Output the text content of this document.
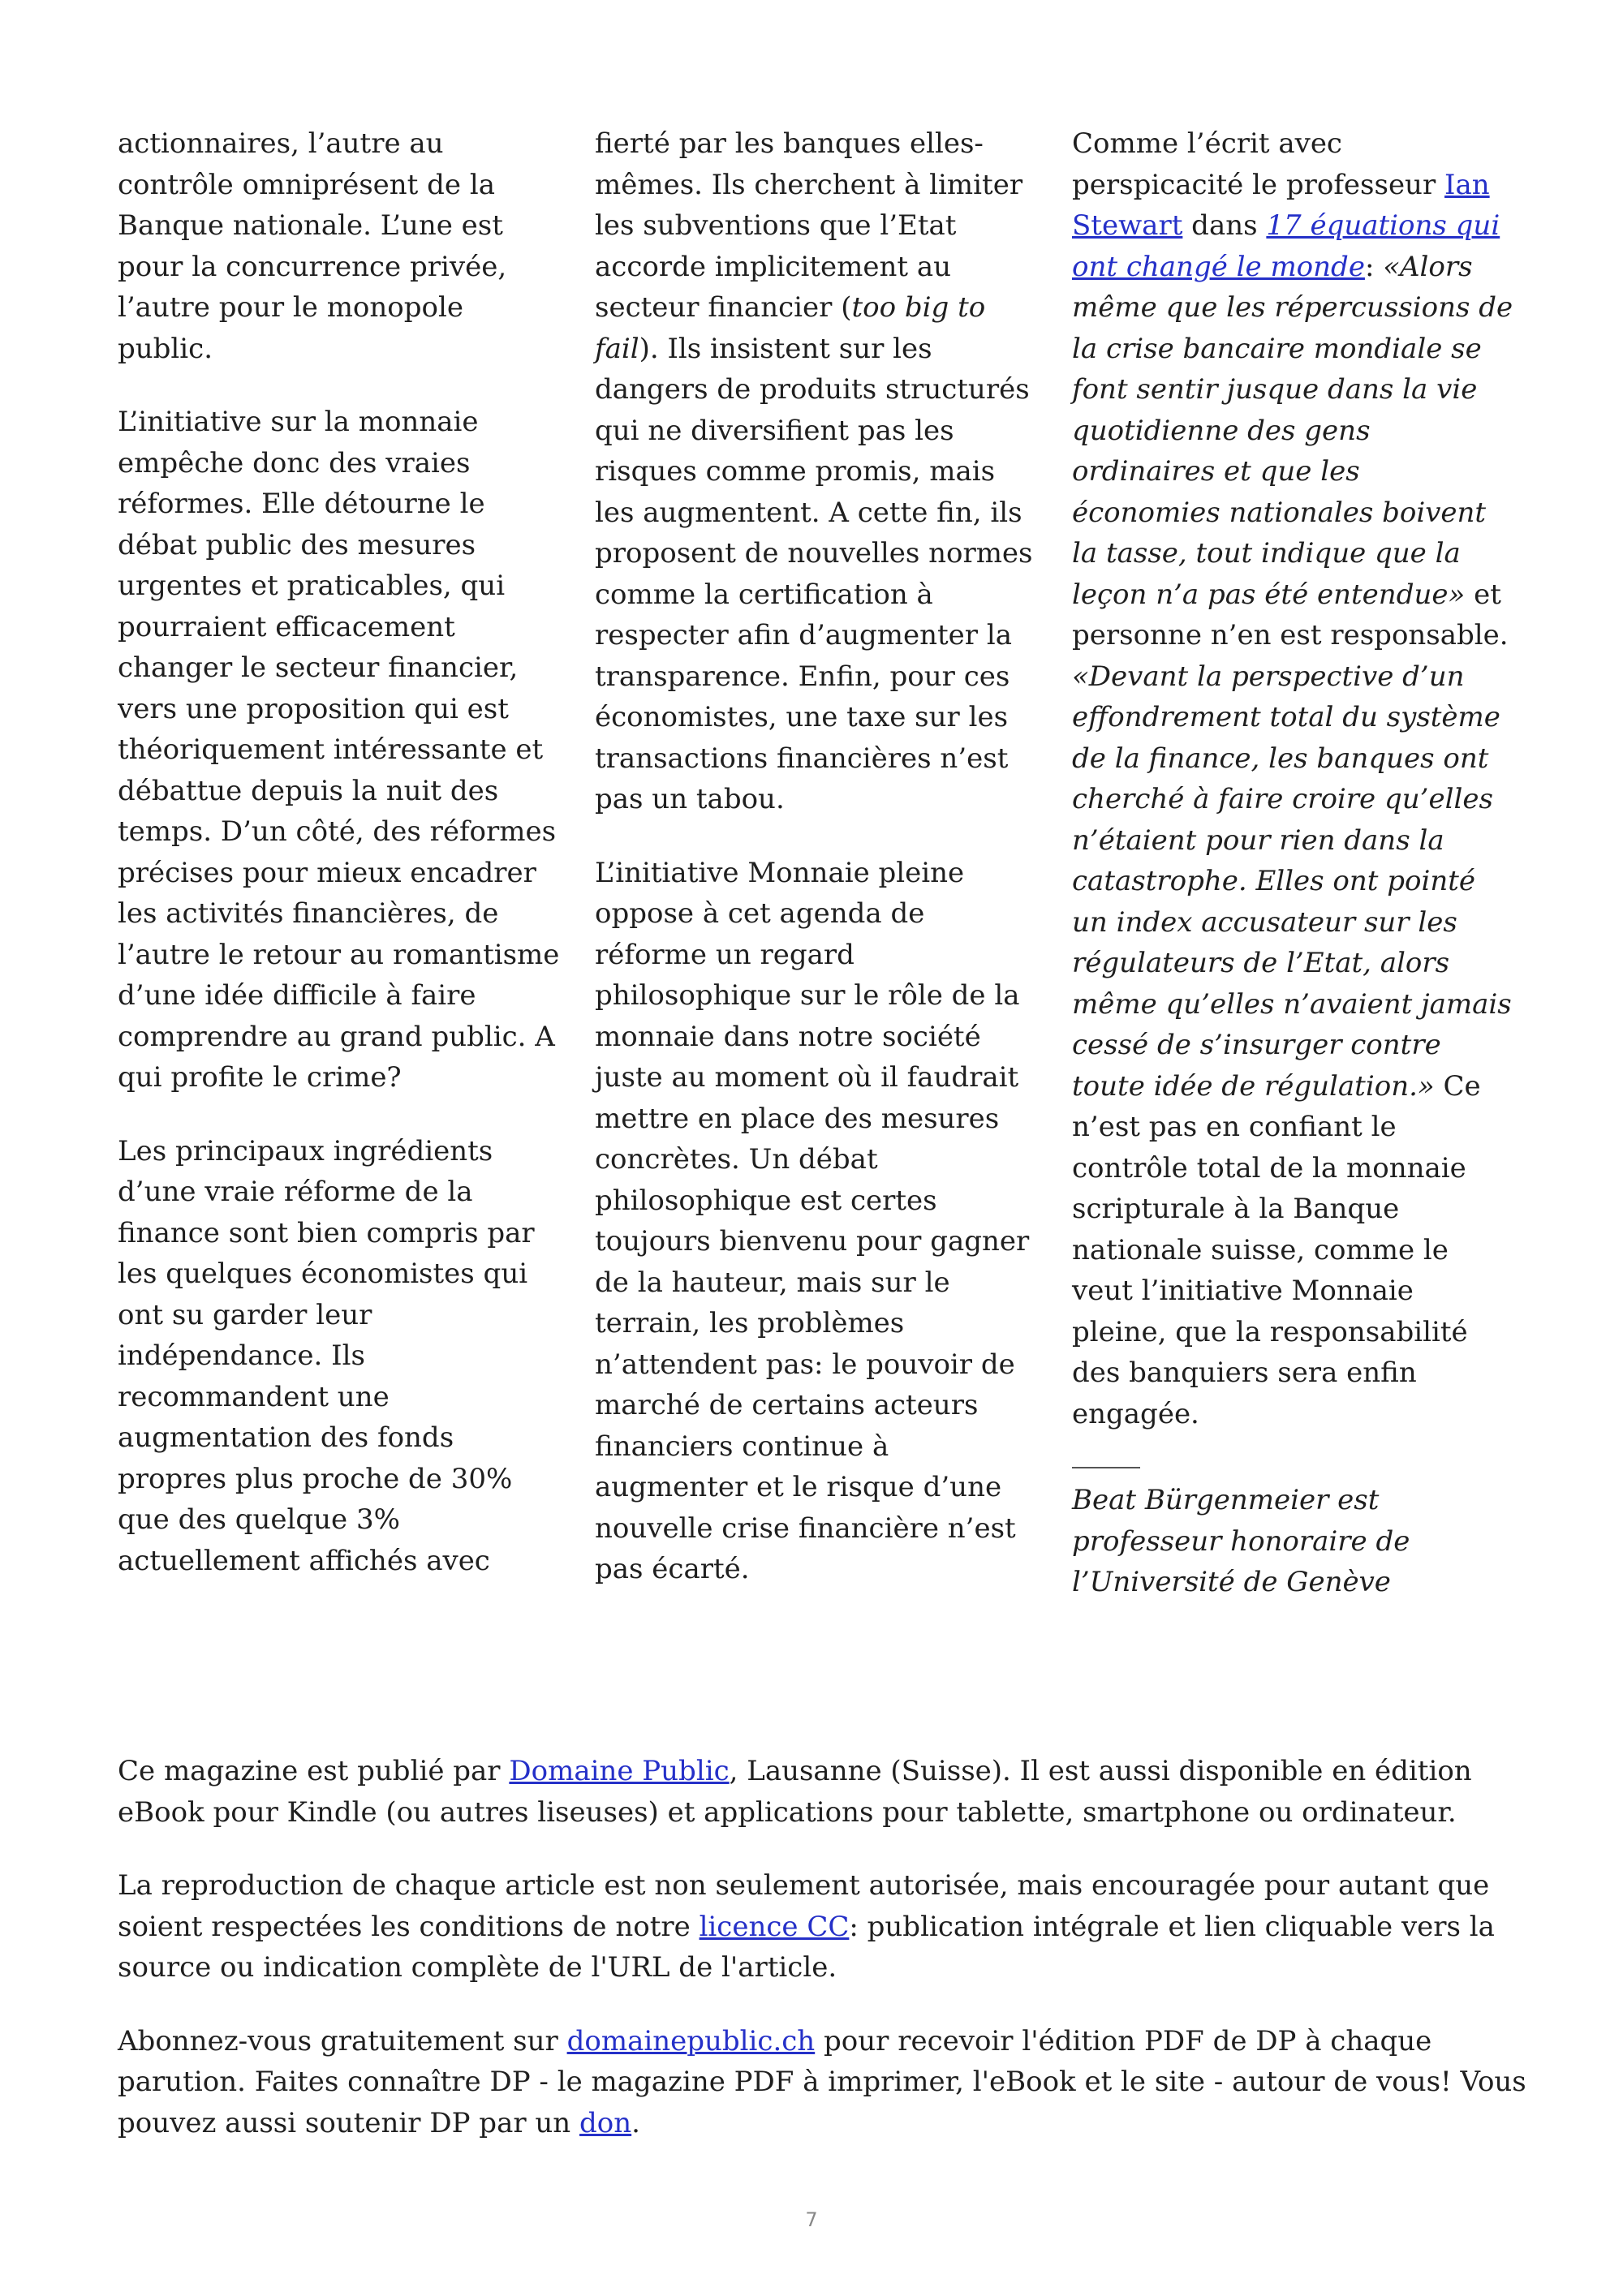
actionnaires, l’autre au contrôle omniprésent de la Banque nationale. L’une est pour la concurrence privée, l’autre pour le monopole public.

L’initiative sur la monnaie empêche donc des vraies réformes. Elle détourne le débat public des mesures urgentes et praticables, qui pourraient efficacement changer le secteur financier, vers une proposition qui est théoriquement intéressante et débattue depuis la nuit des temps. D’un côté, des réformes précises pour mieux encadrer les activités financières, de l’autre le retour au romantisme d’une idée difficile à faire comprendre au grand public. A qui profite le crime?

Les principaux ingrédients d’une vraie réforme de la finance sont bien compris par les quelques économistes qui ont su garder leur indépendance. Ils recommandent une augmentation des fonds propres plus proche de 30% que des quelque 3% actuellement affichés avec

fierté par les banques elles-mêmes. Ils cherchent à limiter les subventions que l’Etat accorde implicitement au secteur financier (too big to fail). Ils insistent sur les dangers de produits structurés qui ne diversifient pas les risques comme promis, mais les augmentent. A cette fin, ils proposent de nouvelles normes comme la certification à respecter afin d’augmenter la transparence. Enfin, pour ces économistes, une taxe sur les transactions financières n’est pas un tabou.

L’initiative Monnaie pleine oppose à cet agenda de réforme un regard philosophique sur le rôle de la monnaie dans notre société juste au moment où il faudrait mettre en place des mesures concrètes. Un débat philosophique est certes toujours bienvenu pour gagner de la hauteur, mais sur le terrain, les problèmes n’attendent pas: le pouvoir de marché de certains acteurs financiers continue à augmenter et le risque d’une nouvelle crise financière n’est pas écarté.

Comme l’écrit avec perspicacité le professeur Ian Stewart dans 17 équations qui ont changé le monde: «Alors même que les répercussions de la crise bancaire mondiale se font sentir jusque dans la vie quotidienne des gens ordinaires et que les économies nationales boivent la tasse, tout indique que la leçon n’a pas été entendue» et personne n’en est responsable. «Devant la perspective d’un effondrement total du système de la finance, les banques ont cherché à faire croire qu’elles n’étaient pour rien dans la catastrophe. Elles ont pointé un index accusateur sur les régulateurs de l’Etat, alors même qu’elles n’avaient jamais cessé de s’insurger contre toute idée de régulation.» Ce n’est pas en confiant le contrôle total de la monnaie scripturale à la Banque nationale suisse, comme le veut l’initiative Monnaie pleine, que la responsabilité des banquiers sera enfin engagée.

Beat Bürgenmeier est professeur honoraire de l’Université de Genève

Ce magazine est publié par Domaine Public, Lausanne (Suisse). Il est aussi disponible en édition eBook pour Kindle (ou autres liseuses) et applications pour tablette, smartphone ou ordinateur.

La reproduction de chaque article est non seulement autorisée, mais encouragée pour autant que soient respectées les conditions de notre licence CC: publication intégrale et lien cliquable vers la source ou indication complète de l'URL de l'article.

Abonnez-vous gratuitement sur domainepublic.ch pour recevoir l'édition PDF de DP à chaque parution. Faites connaître DP - le magazine PDF à imprimer, l'eBook et le site - autour de vous! Vous pouvez aussi soutenir DP par un don.

7
